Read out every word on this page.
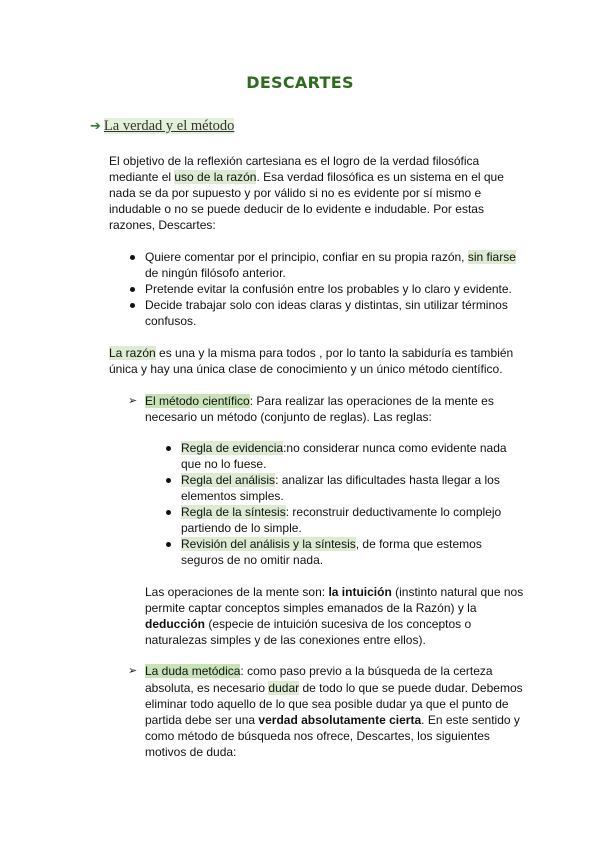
DESCARTES
➔ La verdad y el método
El objetivo de la reflexión cartesiana es el logro de la verdad filosófica
mediante el uso de la razón. Esa verdad filosófica es un sistema en el que
nada se da por supuesto y por válido si no es evidente por sí mismo e
indudable o no se puede deducir de lo evidente e indudable. Por estas
razones, Descartes:
Quiere comentar por el principio, confiar en su propia razón, sin fiarse
de ningún filósofo anterior.
Pretende evitar la confusión entre los probables y lo claro y evidente.
Decide trabajar solo con ideas claras y distintas, sin utilizar términos
confusos.
La razón es una y la misma para todos , por lo tanto la sabiduría es también
única y hay una única clase de conocimiento y un único método científico.
➢ El método científico: Para realizar las operaciones de la mente es
necesario un método (conjunto de reglas). Las reglas:
Regla de evidencia:no considerar nunca como evidente nada
que no lo fuese.
Regla del análisis: analizar las dificultades hasta llegar a los
elementos simples.
Regla de la síntesis: reconstruir deductivamente lo complejo
partiendo de lo simple.
Revisión del análisis y la síntesis, de forma que estemos
seguros de no omitir nada.
Las operaciones de la mente son: la intuición (instinto natural que nos
permite captar conceptos simples emanados de la Razón) y la
deducción (especie de intuición sucesiva de los conceptos o
naturalezas simples y de las conexiones entre ellos).
➢ La duda metódica: como paso previo a la búsqueda de la certeza
absoluta, es necesario dudar de todo lo que se puede dudar. Debemos
eliminar todo aquello de lo que sea posible dudar ya que el punto de
partida debe ser una verdad absolutamente cierta. En este sentido y
como método de búsqueda nos ofrece, Descartes, los siguientes
motivos de duda:
